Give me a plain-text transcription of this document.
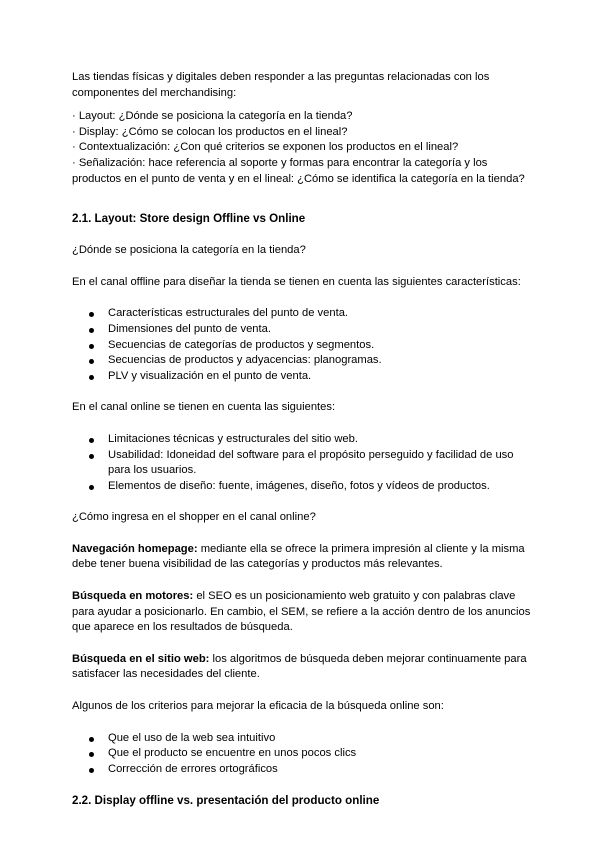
Las tiendas físicas y digitales deben responder a las preguntas relacionadas con los componentes del merchandising:

· Layout: ¿Dónde se posiciona la categoría en la tienda?

· Display: ¿Cómo se colocan los productos en el lineal?

· Contextualización: ¿Con qué criterios se exponen los productos en el lineal?

· Señalización: hace referencia al soporte y formas para encontrar la categoría y los productos en el punto de venta y en el lineal: ¿Cómo se identifica la categoría en la tienda?

2.1. Layout: Store design Offline vs Online

¿Dónde se posiciona la categoría en la tienda?

En el canal offline para diseñar la tienda se tienen en cuenta las siguientes características:

Características estructurales del punto de venta.
Dimensiones del punto de venta.
Secuencias de categorías de productos y segmentos.
Secuencias de productos y adyacencias: planogramas.
PLV y visualización en el punto de venta.

En el canal online se tienen en cuenta las siguientes:

Limitaciones técnicas y estructurales del sitio web.
Usabilidad: Idoneidad del software para el propósito perseguido y facilidad de uso para los usuarios.
Elementos de diseño: fuente, imágenes, diseño, fotos y vídeos de productos.

¿Cómo ingresa en el shopper en el canal online?

Navegación homepage: mediante ella se ofrece la primera impresión al cliente y la misma debe tener buena visibilidad de las categorías y productos más relevantes.

Búsqueda en motores: el SEO es un posicionamiento web gratuito y con palabras clave para ayudar a posicionarlo. En cambio, el SEM, se refiere a la acción dentro de los anuncios que aparece en los resultados de búsqueda.

Búsqueda en el sitio web: los algoritmos de búsqueda deben mejorar continuamente para satisfacer las necesidades del cliente.

Algunos de los criterios para mejorar la eficacia de la búsqueda online son:

Que el uso de la web sea intuitivo
Que el producto se encuentre en unos pocos clics
Corrección de errores ortográficos
2.2. Display offline vs. presentación del producto online
